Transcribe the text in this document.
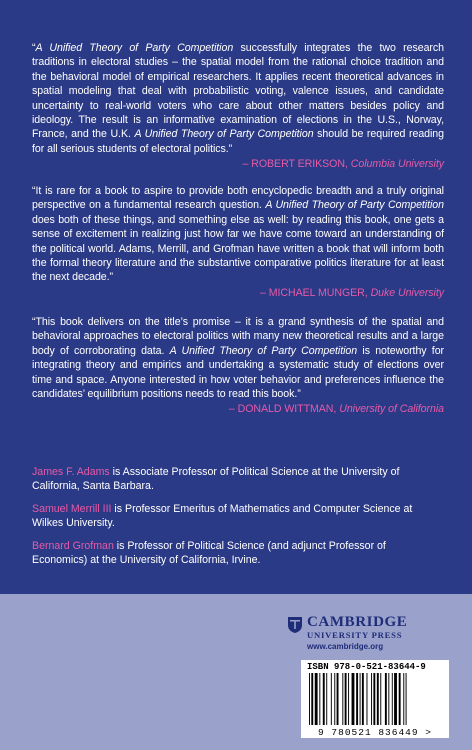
“A Unified Theory of Party Competition successfully integrates the two research traditions in electoral studies – the spatial model from the rational choice tradition and the behavioral model of empirical researchers. It applies recent theoretical advances in spatial modeling that deal with probabilistic voting, valence issues, and candidate uncertainty to real-world voters who care about other matters besides policy and ideology. The result is an informative examination of elections in the U.S., Norway, France, and the U.K. A Unified Theory of Party Competition should be required reading for all serious students of electoral politics.”
– ROBERT ERIKSON, Columbia University
“It is rare for a book to aspire to provide both encyclopedic breadth and a truly original perspective on a fundamental research question. A Unified Theory of Party Competition does both of these things, and something else as well: by reading this book, one gets a sense of excitement in realizing just how far we have come toward an understanding of the political world. Adams, Merrill, and Grofman have written a book that will inform both the formal theory literature and the substantive comparative politics literature for at least the next decade.”
– MICHAEL MUNGER, Duke University
“This book delivers on the title’s promise – it is a grand synthesis of the spatial and behavioral approaches to electoral politics with many new theoretical results and a large body of corroborating data. A Unified Theory of Party Competition is noteworthy for integrating theory and empirics and undertaking a systematic study of elections over time and space. Anyone interested in how voter behavior and preferences influence the candidates’ equilibrium positions needs to read this book.”
– DONALD WITTMAN, University of California
James F. Adams is Associate Professor of Political Science at the University of California, Santa Barbara.
Samuel Merrill III is Professor Emeritus of Mathematics and Computer Science at Wilkes University.
Bernard Grofman is Professor of Political Science (and adjunct Professor of Economics) at the University of California, Irvine.
CAMBRIDGE
UNIVERSITY PRESS
www.cambridge.org
ISBN 978-0-521-83644-9
9 780521 836449 >
